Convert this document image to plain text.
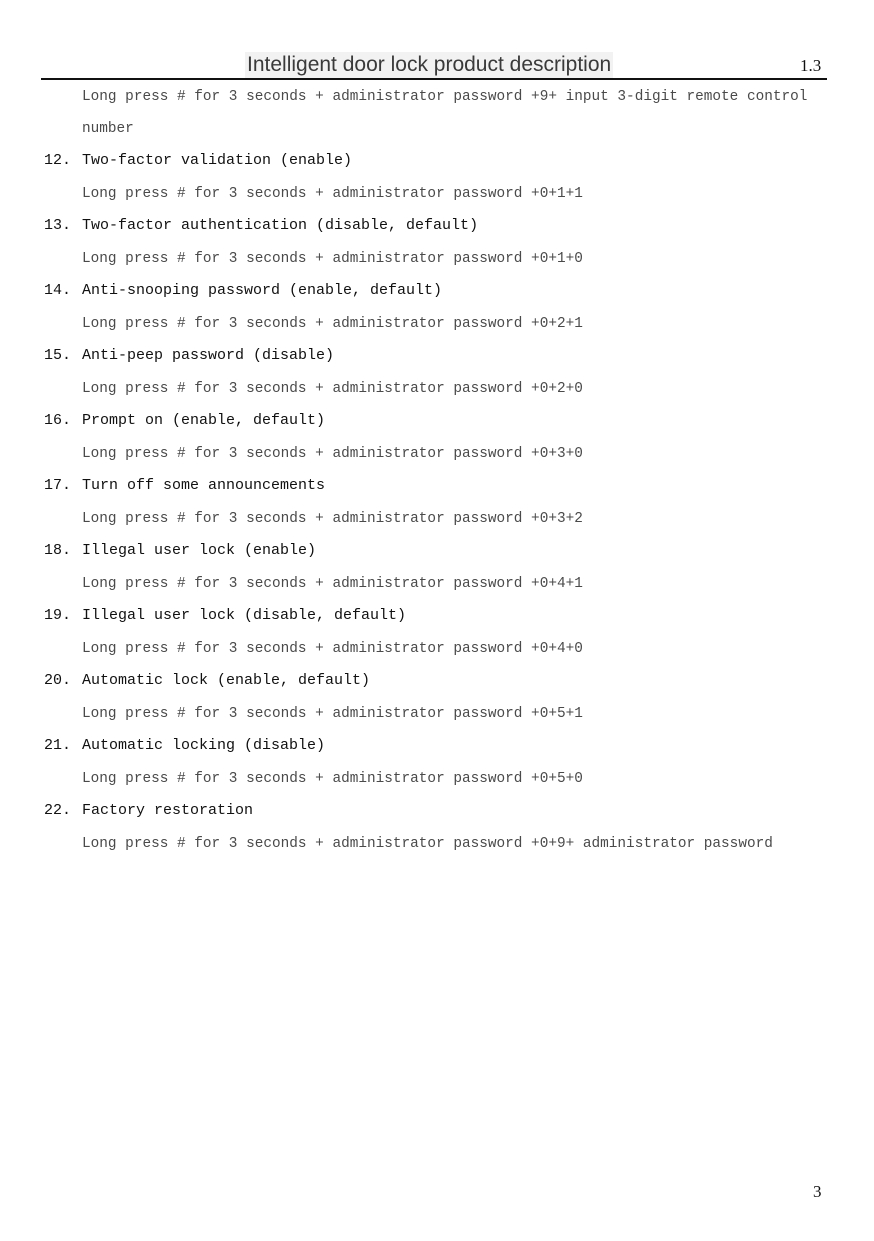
Intelligent door lock product description	1.3
Long press # for 3 seconds + administrator password +9+ input 3-digit remote control
number
12. Two-factor validation (enable)
Long press # for 3 seconds + administrator password +0+1+1
13. Two-factor authentication (disable, default)
Long press # for 3 seconds + administrator password +0+1+0
14. Anti-snooping password (enable, default)
Long press # for 3 seconds + administrator password +0+2+1
15. Anti-peep password (disable)
Long press # for 3 seconds + administrator password +0+2+0
16. Prompt on (enable, default)
Long press # for 3 seconds + administrator password +0+3+0
17. Turn off some announcements
Long press # for 3 seconds + administrator password +0+3+2
18. Illegal user lock (enable)
Long press # for 3 seconds + administrator password +0+4+1
19. Illegal user lock (disable, default)
Long press # for 3 seconds + administrator password +0+4+0
20. Automatic lock (enable, default)
Long press # for 3 seconds + administrator password +0+5+1
21. Automatic locking (disable)
Long press # for 3 seconds + administrator password +0+5+0
22. Factory restoration
Long press # for 3 seconds + administrator password +0+9+ administrator password
3
